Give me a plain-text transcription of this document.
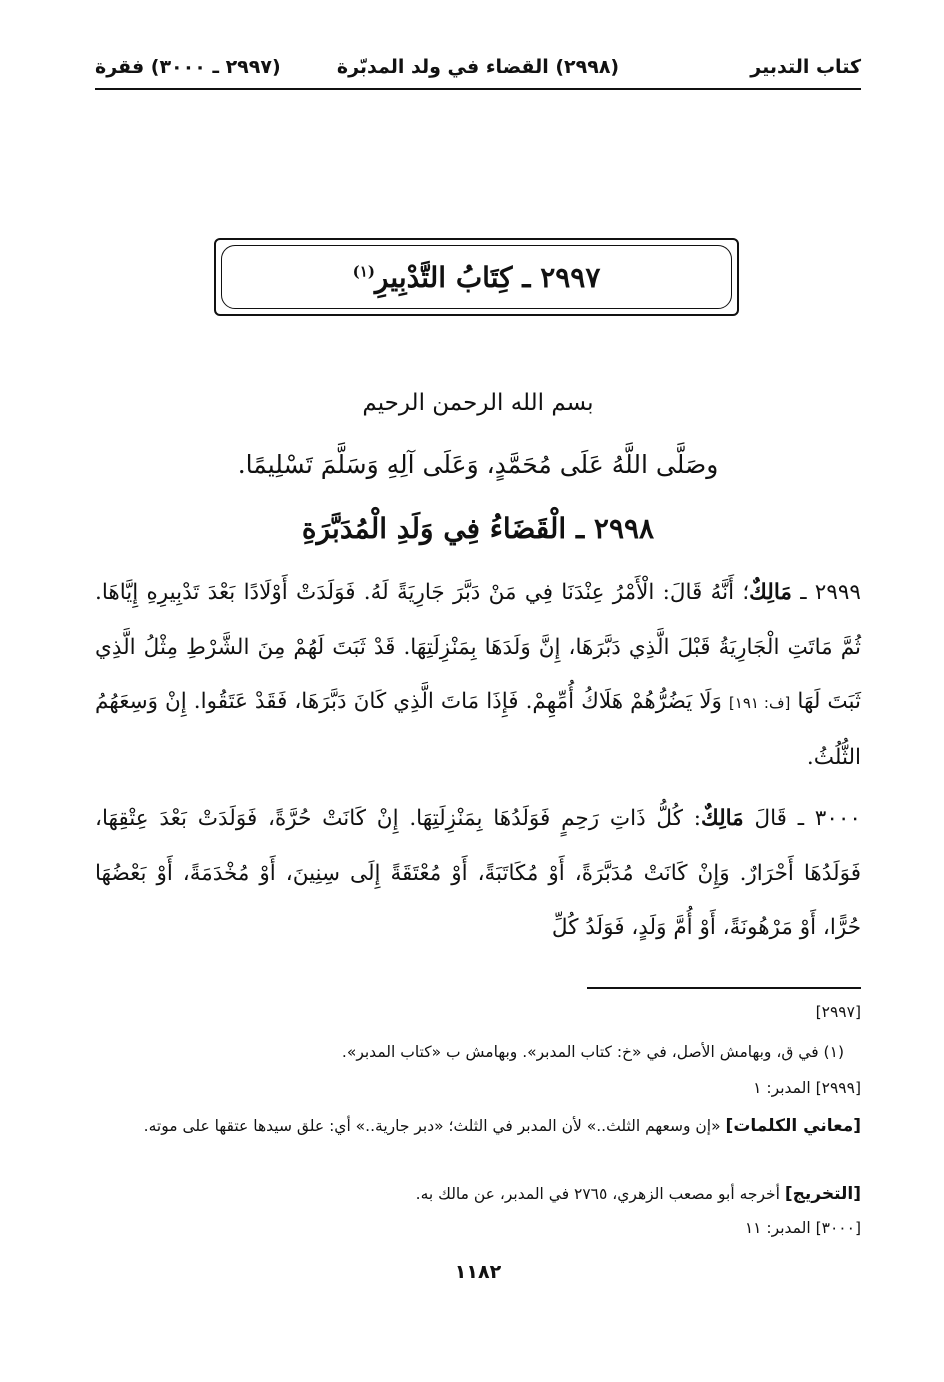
كتاب التدبير
(٢٩٩٨) القضاء في ولد المدبّرة
(٢٩٩٧ ـ ٣٠٠٠) فقرة
٢٩٩٧ ـ كِتَابُ التَّدْبِيرِ$^{(١)}$
بسم الله الرحمن الرحيم
وصَلَّى اللَّهُ عَلَى مُحَمَّدٍ، وَعَلَى آلِهِ وَسَلَّمَ تَسْلِيمًا.
٢٩٩٨ ـ الْقَضَاءُ فِي وَلَدِ الْمُدَبَّرَةِ

٢٩٩٩ ـ مَالِكٌ؛ أَنَّهُ قَالَ: الْأَمْرُ عِنْدَنَا فِي مَنْ دَبَّرَ جَارِيَةً لَهُ. فَوَلَدَتْ أَوْلَادًا بَعْدَ تَدْبِيرِهِ إِيَّاهَا. ثُمَّ مَاتَتِ الْجَارِيَةُ قَبْلَ الَّذِي دَبَّرَهَا، إِنَّ وَلَدَهَا بِمَنْزِلَتِهَا. قَدْ ثَبَتَ لَهُمْ مِنَ الشَّرْطِ مِثْلُ الَّذِي ثَبَتَ لَهَا [ف: ١٩١] وَلَا يَضُرُّهُمْ هَلَاكُ أُمِّهِمْ. فَإِذَا مَاتَ الَّذِي كَانَ دَبَّرَهَا، فَقَدْ عَتَقُوا. إِنْ وَسِعَهُمُ الثُّلُثُ.

٣٠٠٠ ـ قَالَ مَالِكٌ: كُلُّ ذَاتِ رَحِمٍ فَوَلَدُهَا بِمَنْزِلَتِهَا. إِنْ كَانَتْ حُرَّةً، فَوَلَدَتْ بَعْدَ عِتْقِهَا، فَوَلَدُهَا أَحْرَارٌ. وَإِنْ كَانَتْ مُدَبَّرَةً، أَوْ مُكَاتَبَةً، أَوْ مُعْتَقَةً إِلَى سِنِينَ، أَوْ مُخْدَمَةً، أَوْ بَعْضُهَا حُرًّا، أَوْ مَرْهُونَةً، أَوْ أُمَّ وَلَدٍ، فَوَلَدُ كُلِّ

[٢٩٩٧]
(١) في ق، وبهامش الأصل، في «خ: كتاب المدبر». وبهامش ب «كتاب المدبر».
[٢٩٩٩] المدبر: ١
[معاني الكلمات] «إن وسعهم الثلث..» لأن المدبر في الثلث؛ «دبر جارية..» أي: علق سيدها عتقها على موته.
[التخريج] أخرجه أبو مصعب الزهري، ٢٧٦٥ في المدبر، عن مالك به.
[٣٠٠٠] المدبر: ١١
١١٨٢
